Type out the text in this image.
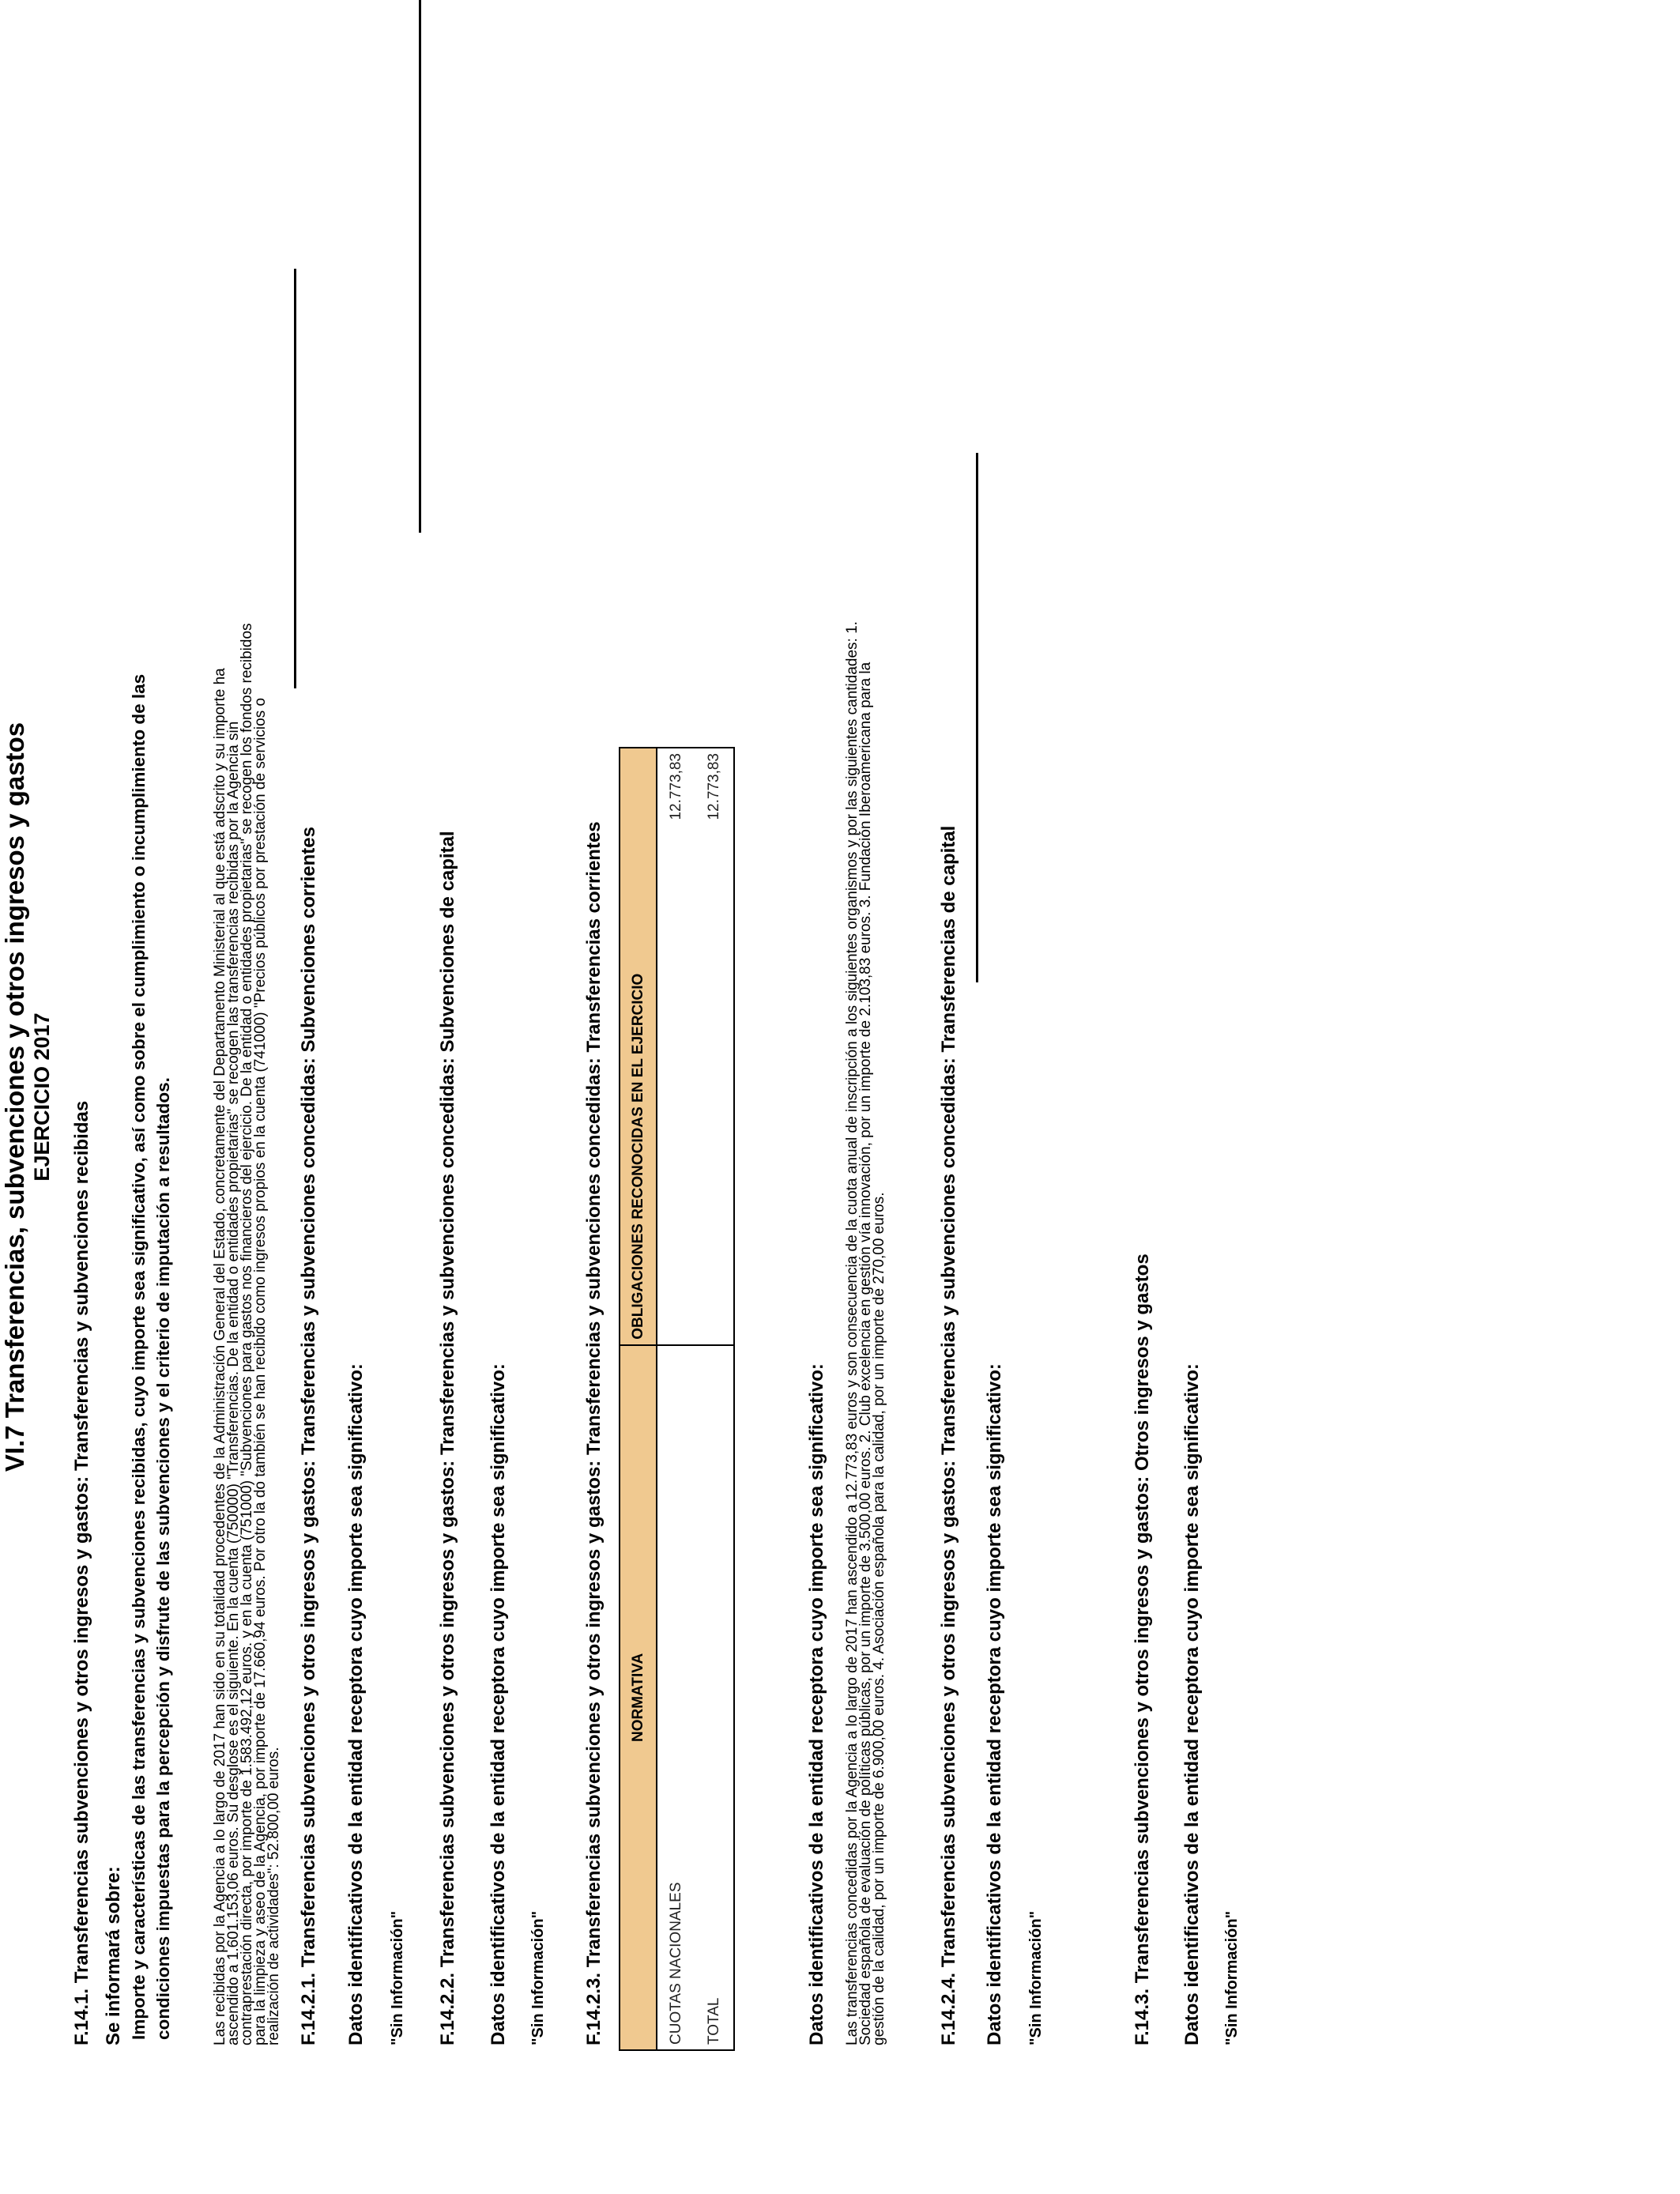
VI.7 Transferencias, subvenciones y otros ingresos y gastos EJERCICIO 2017
F.14.1. Transferencias subvenciones y otros ingresos y gastos: Transferencias y subvenciones recibidas Se informará sobre: Importe y características de las transferencias y subvenciones recibidas, cuyo importe sea significativo, así como sobre el cumplimiento o incumplimiento de las condiciones impuestas para la percepción y disfrute de las subvenciones y el criterio de imputación a resultados.	Las recibidas por la Agencia a lo largo de 2017 han sido en su totalidad procedentes de la Administración General del Estado, concretamente del Departamento Ministerial al que está adscrito y su importe ha
ascendido a 1.601.153,06 euros. Su desglose es el siguiente. En la cuenta (750000) "Transferencias. De la entidad o entidades propietarias" se recogen las transferencias recibidas por la Agencia sin
contraprestación directa, por importe de 1.583.492,12 euros. y en la cuenta (751000) "Subvenciones para gastos nos financieros del ejercicio. De la entidad o entidades propietarias" se recogen los fondos recibidos
para la limpieza y aseo de la Agencia, por importe de 17.660,94 euros. Por otro la do también se han recibido como ingresos propios en la cuenta (741000) "Precios públicos por prestación de servicios o
realización de actividades": 52.800,00 euros. F.14.2.1. Transferencias subvenciones y otros ingresos y gastos: Transferencias y subvenciones concedidas: Subvenciones corrientes Datos identificativos de la entidad receptora cuyo importe sea significativo: "Sin Información" F.14.2.2. Transferencias subvenciones y otros ingresos y gastos: Transferencias y subvenciones concedidas: Subvenciones de capital Datos identificativos de la entidad receptora cuyo importe sea significativo: "Sin Información" F.14.2.3. Transferencias subvenciones y otros ingresos y gastos: Transferencias y subvenciones concedidas: Transferencias corrientes NORMATIVA	OBLIGACIONES RECONOCIDAS EN EL EJERCICIO
CUOTAS NACIONALES	12.773,83
TOTAL	12.773,83
Datos identificativos de la entidad receptora cuyo importe sea significativo: Las transferencias concedidas por la Agencia a lo largo de 2017 han ascendido a 12.773,83 euros y son consecuencia de la cuota anual de inscripción a los siguientes organismos y por las siguientes cantidades: 1.
Sociedad española de evaluación de políticas públicas, por un importe de 3.500,00 euros. 2. Club excelencia en gestión vía innovación, por un importe de 2.103,83 euros. 3. Fundación Iberoamericana para la
gestión de la calidad, por un importe de 6.900,00 euros. 4. Asociación española para la calidad, por un importe de 270,00 euros.	F.14.2.4. Transferencias subvenciones y otros ingresos y gastos: Transferencias y subvenciones concedidas: Transferencias de capital Datos identificativos de la entidad receptora cuyo importe sea significativo: "Sin Información"	F.14.3. Transferencias subvenciones y otros ingresos y gastos: Otros ingresos y gastos Datos identificativos de la entidad receptora cuyo importe sea significativo: "Sin Información"
